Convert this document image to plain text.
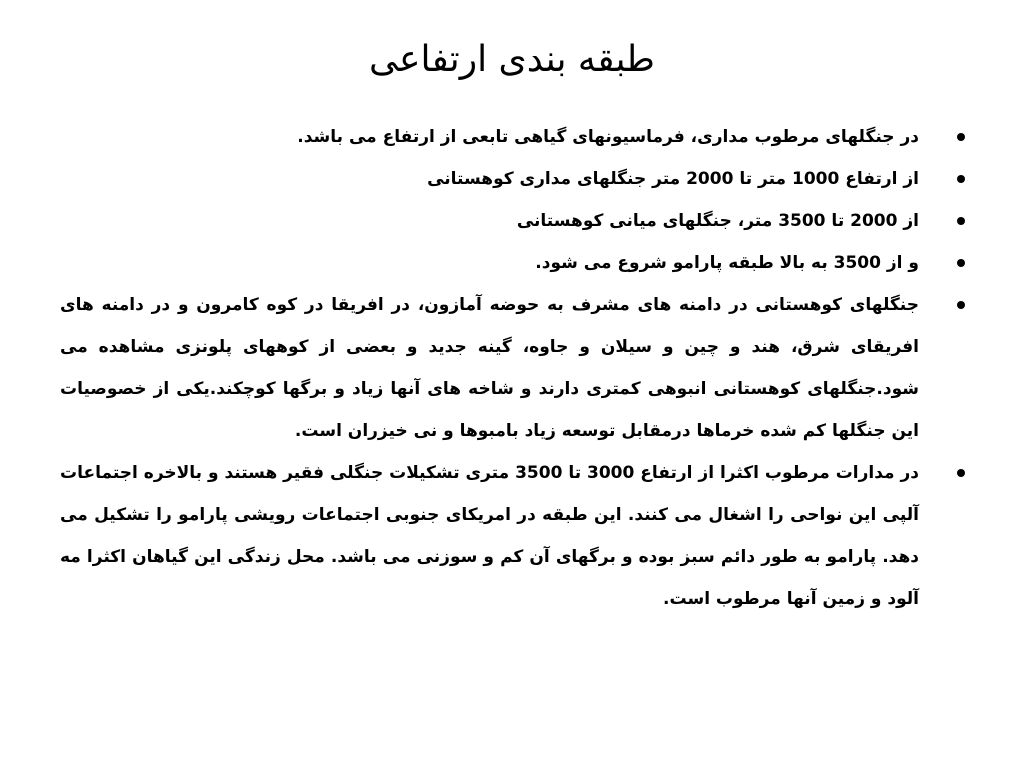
طبقه بندی ارتفاعی
در جنگلهای مرطوب مداری، فرماسیونهای گیاهی تابعی از ارتفاع می باشد.
از ارتفاع 1000 متر تا 2000 متر جنگلهای مداری کوهستانی
از 2000 تا 3500 متر، جنگلهای میانی کوهستانی
و از 3500 به بالا طبقه پارامو شروع می شود.
جنگلهای کوهستانی در دامنه های مشرف به حوضه آمازون، در افریقا در کوه کامرون و در دامنه های افریقای شرق، هند و چین و سیلان و جاوه، گینه جدید و بعضی از کوههای پلونزی مشاهده می شود.جنگلهای کوهستانی انبوهی کمتری دارند و شاخه های آنها زیاد و برگها کوچکند.یکی از خصوصیات این جنگلها کم شده خرماها درمقابل توسعه زیاد بامبوها و نی خیزران است.
در مدارات مرطوب اکثرا از ارتفاع 3000 تا 3500 متری تشکیلات جنگلی فقیر هستند و بالاخره اجتماعات آلپی این نواحی را اشغال می کنند. این طبقه در امریکای جنوبی اجتماعات رویشی پارامو را تشکیل می دهد. پارامو به طور دائم سبز بوده و برگهای آن کم و سوزنی می باشد. محل زندگی این گیاهان اکثرا مه آلود و زمین آنها مرطوب است.
